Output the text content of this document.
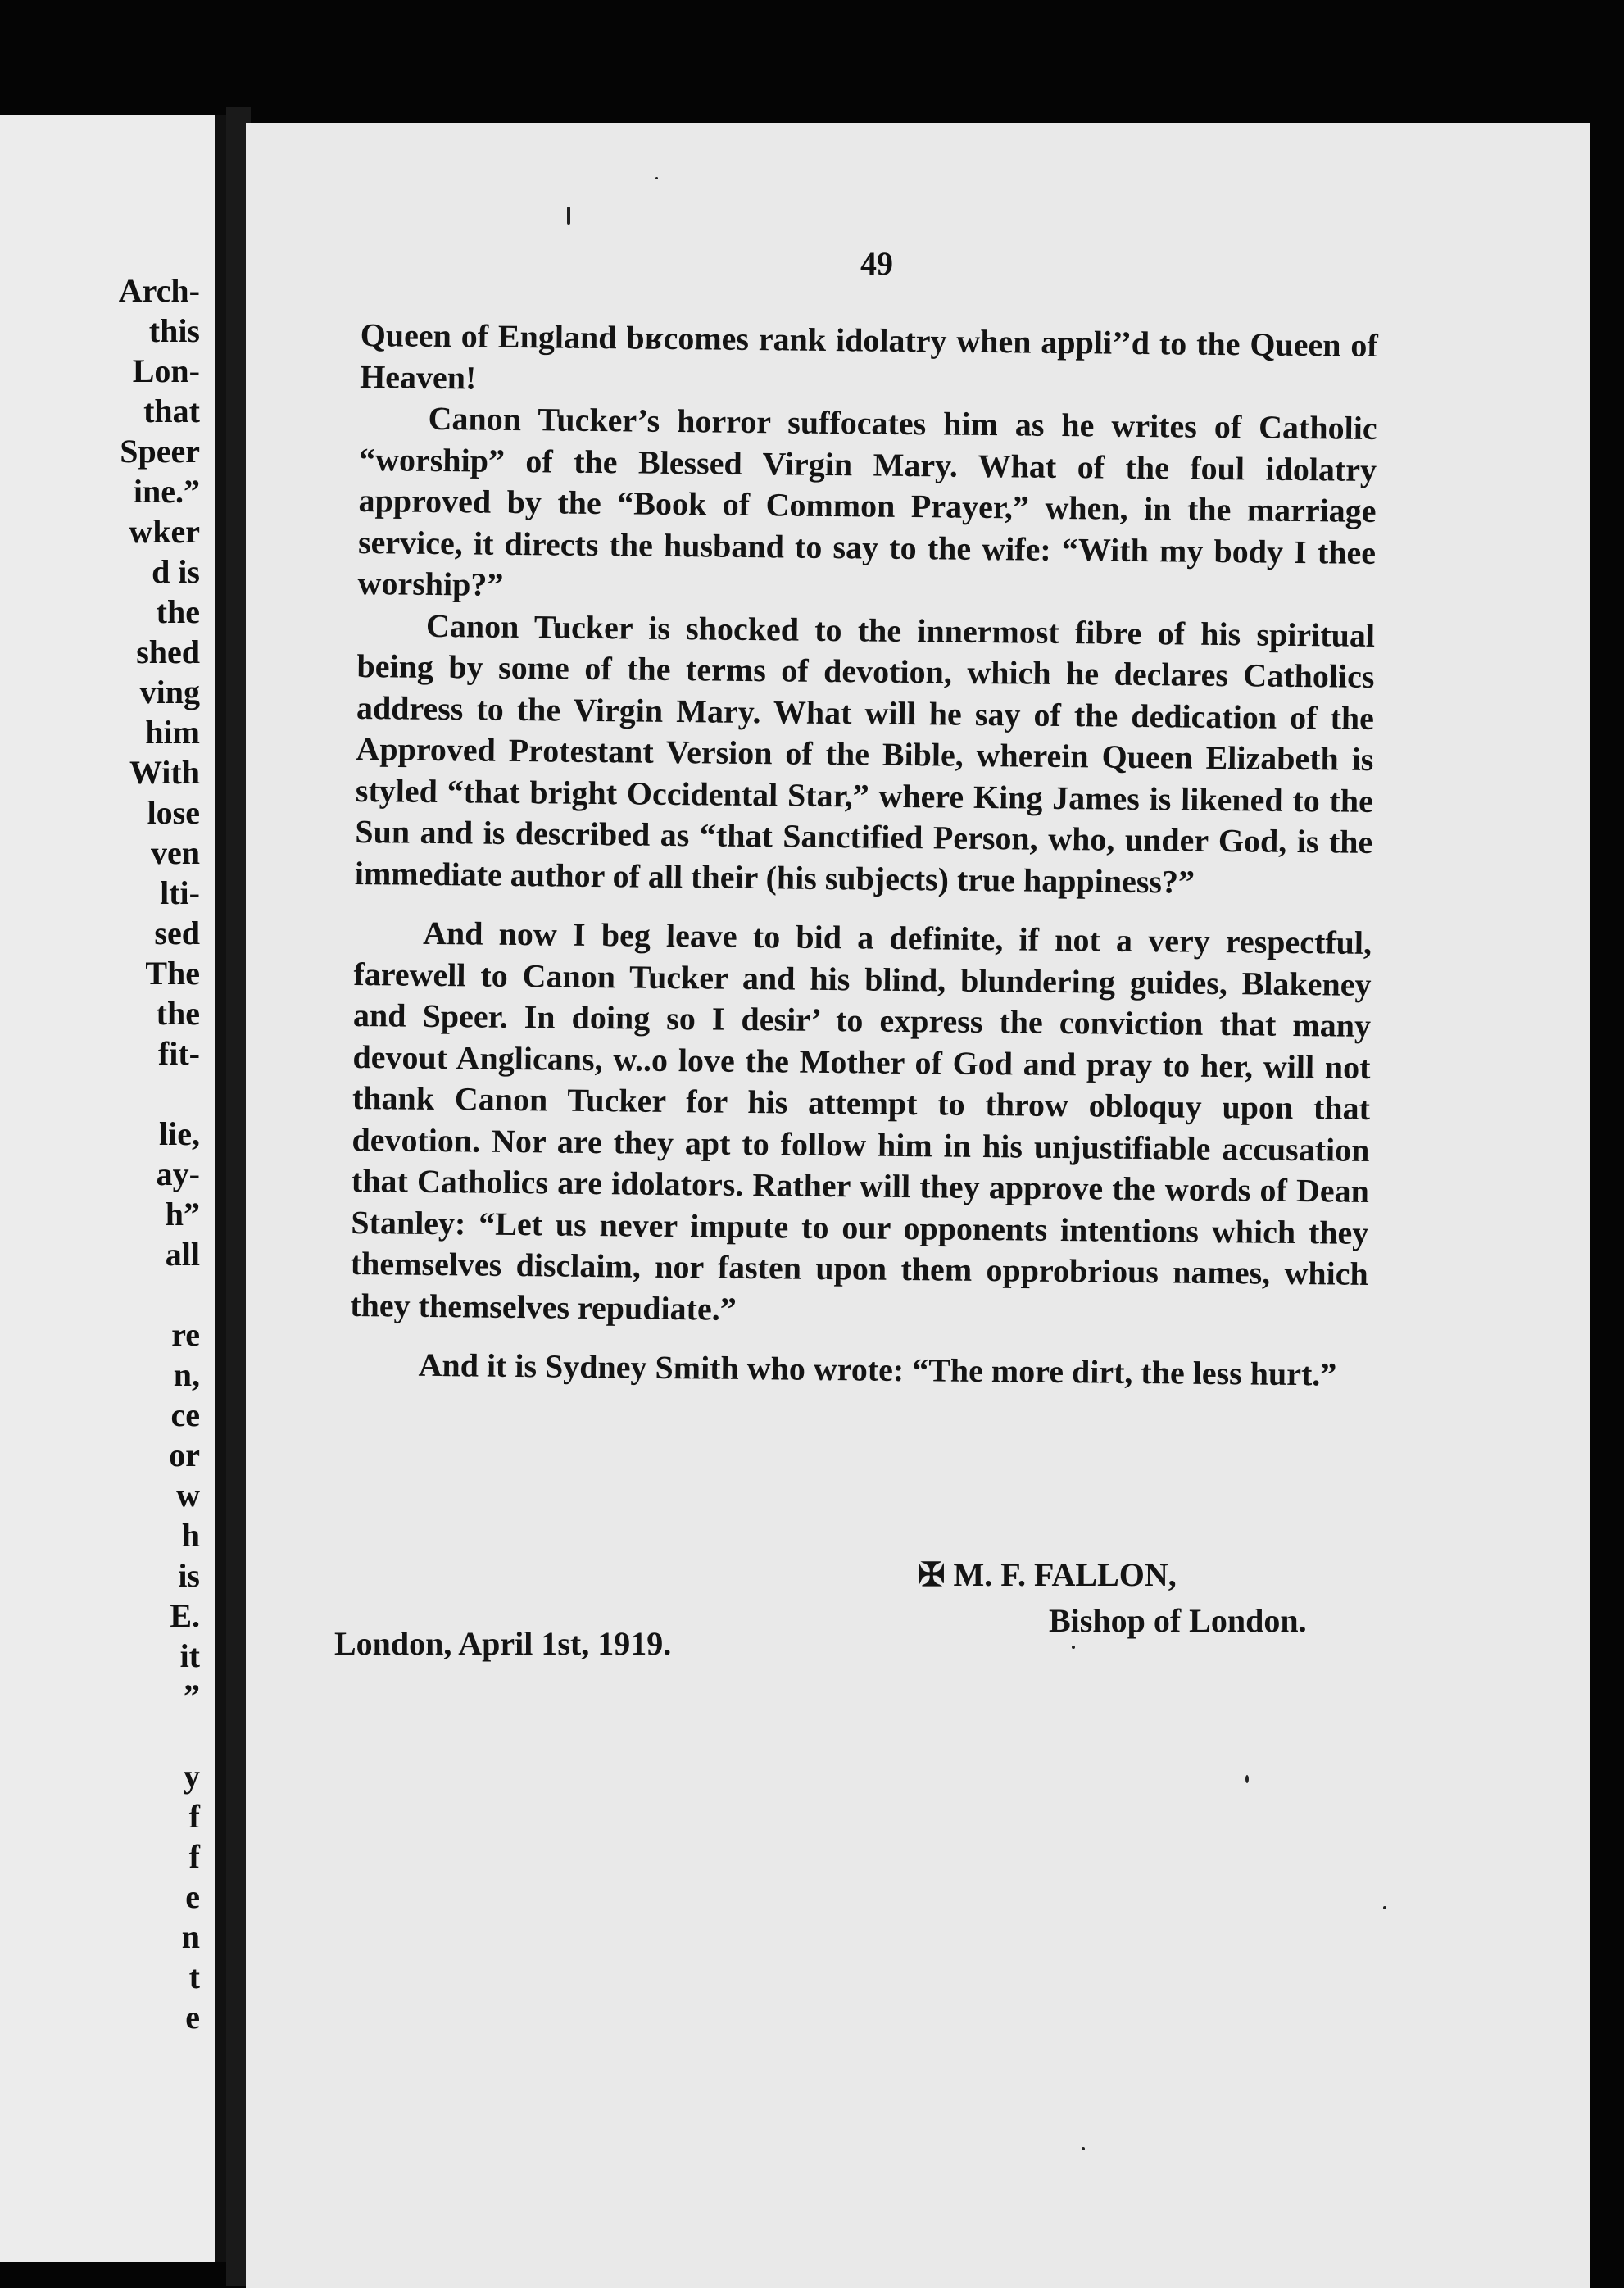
Arch-
this
Lon-
that
Speer
ine.”
wker
d is
the
shed
ving
him
With
lose
ven
lti-
sed
The
the
fit-
lie,
ay-
h”
all
re
n,
ce
or
w
h
is
E.
it
”
y
f
f
e
n
t
e
49

Queen of England bʁcomes rank idolatry when appli’’d to the Queen of Heaven!

Canon Tucker’s horror suffocates him as he writes of Catholic “worship” of the Blessed Virgin Mary. What of the foul idolatry approved by the “Book of Common Prayer,” when, in the marriage service, it directs the husband to say to the wife: “With my body I thee worship?”

Canon Tucker is shocked to the innermost fibre of his spiritual being by some of the terms of devotion, which he declares Catholics address to the Virgin Mary. What will he say of the dedication of the Approved Protestant Version of the Bible, wherein Queen Elizabeth is styled “that bright Occidental Star,” where King James is likened to the Sun and is described as “that Sanctified Person, who, under God, is the immediate author of all their (his subjects) true happiness?”

And now I beg leave to bid a definite, if not a very respectful, farewell to Canon Tucker and his blind, blundering guides, Blakeney and Speer. In doing so I desir’ to express the conviction that many devout Anglicans, w..o love the Mother of God and pray to her, will not thank Canon Tucker for his attempt to throw obloquy upon that devotion. Nor are they apt to follow him in his unjustifiable accusation that Catholics are idolators. Rather will they approve the words of Dean Stanley: “Let us never impute to our opponents intentions which they themselves disclaim, nor fasten upon them opprobrious names, which they themselves repudiate.”

And it is Sydney Smith who wrote: “The more dirt, the less hurt.”

✠ M. F. FALLON,
Bishop of London.
London, April 1st, 1919.
